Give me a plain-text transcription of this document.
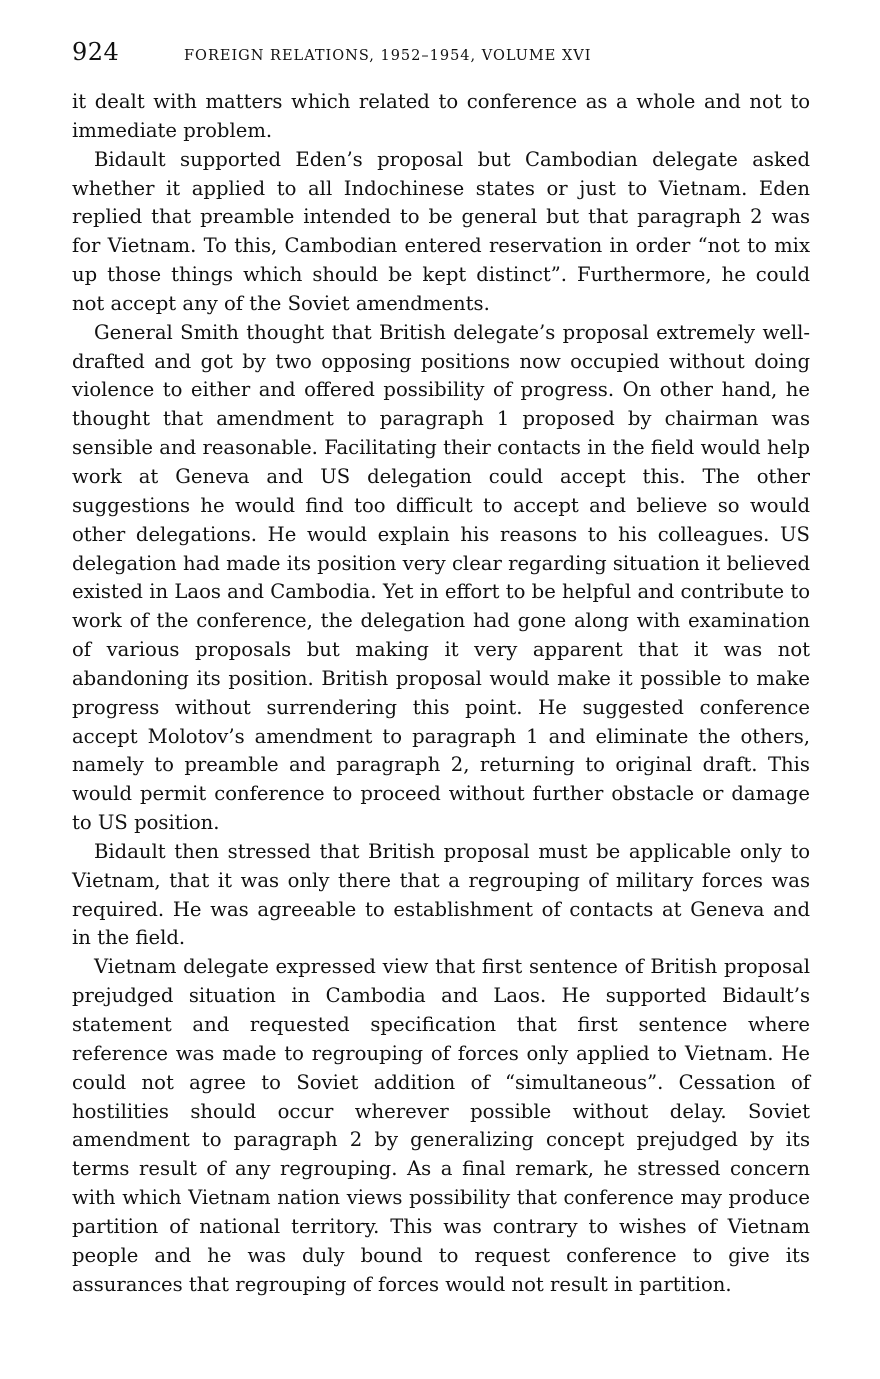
924	FOREIGN RELATIONS, 1952–1954, VOLUME XVI

it dealt with matters which related to conference as a whole and not to immediate problem.

Bidault supported Eden’s proposal but Cambodian delegate asked whether it applied to all Indochinese states or just to Vietnam. Eden replied that preamble intended to be general but that paragraph 2 was for Vietnam. To this, Cambodian entered reservation in order “not to mix up those things which should be kept distinct”. Furthermore, he could not accept any of the Soviet amendments.

General Smith thought that British delegate’s proposal extremely well-drafted and got by two opposing positions now occupied without doing violence to either and offered possibility of progress. On other hand, he thought that amendment to paragraph 1 proposed by chairman was sensible and reasonable. Facilitating their contacts in the field would help work at Geneva and US delegation could accept this. The other suggestions he would find too difficult to accept and believe so would other delegations. He would explain his reasons to his colleagues. US delegation had made its position very clear regarding situation it believed existed in Laos and Cambodia. Yet in effort to be helpful and contribute to work of the conference, the delegation had gone along with examination of various proposals but making it very apparent that it was not abandoning its position. British proposal would make it possible to make progress without surrendering this point. He suggested conference accept Molotov’s amendment to paragraph 1 and eliminate the others, namely to preamble and paragraph 2, returning to original draft. This would permit conference to proceed without further obstacle or damage to US position.

Bidault then stressed that British proposal must be applicable only to Vietnam, that it was only there that a regrouping of military forces was required. He was agreeable to establishment of contacts at Geneva and in the field.

Vietnam delegate expressed view that first sentence of British proposal prejudged situation in Cambodia and Laos. He supported Bidault’s statement and requested specification that first sentence where reference was made to regrouping of forces only applied to Vietnam. He could not agree to Soviet addition of “simultaneous”. Cessation of hostilities should occur wherever possible without delay. Soviet amendment to paragraph 2 by generalizing concept prejudged by its terms result of any regrouping. As a final remark, he stressed concern with which Vietnam nation views possibility that conference may produce partition of national territory. This was contrary to wishes of Vietnam people and he was duly bound to request conference to give its assurances that regrouping of forces would not result in partition.
